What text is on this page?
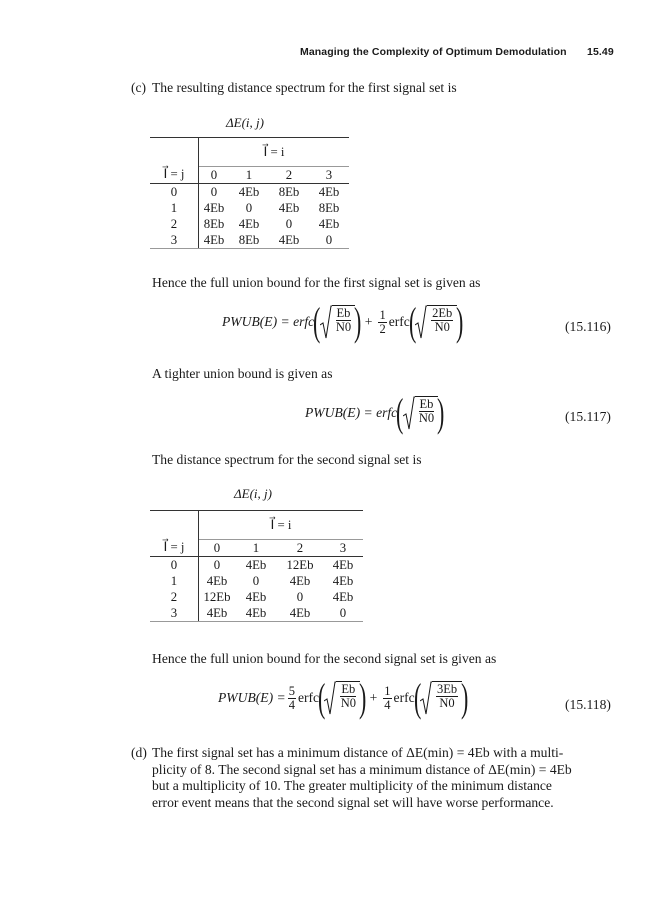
Managing the Complexity of Optimum Demodulation 15.49
(c) The resulting distance spectrum for the first signal set is
ΔE(i, j)
	I⃗ = i			
I⃗ = j	0	1	2	3
0	0	4Eb	8Eb	4Eb
1	4Eb	0	4Eb	8Eb
2	8Eb	4Eb	0	4Eb
3	4Eb	8Eb	4Eb	0
Hence the full union bound for the first signal set is given as
PWUB(E) = erfc
( $\frac{Eb}{N0}$ ) + $\frac{1}{2}$ erfc
( $\frac{2Eb}{N0}$ )	(15.116)
A tighter union bound is given as
PWUB(E) = erfc
( $\frac{Eb}{N0}$ )	(15.117)
The distance spectrum for the second signal set is
ΔE(i, j)
	I⃗ = i			
I⃗ = j	0	1	2	3
0	0	4Eb	12Eb	4Eb
1	4Eb	0	4Eb	4Eb
2	12Eb	4Eb	0	4Eb
3	4Eb	4Eb	4Eb	0
Hence the full union bound for the second signal set is given as
PWUB(E) = $\frac{5}{4}$ erfc
( $\frac{Eb}{N0}$ ) + $\frac{1}{4}$ erfc
( $\frac{3Eb}{N0}$ )	(15.118)
(d) The first signal set has a minimum distance of ΔE(min) = 4Eb with a multi-
plicity of 8. The second signal set has a minimum distance of ΔE(min) = 4Eb
but a multiplicity of 10. The greater multiplicity of the minimum distance
error event means that the second signal set will have worse performance.
